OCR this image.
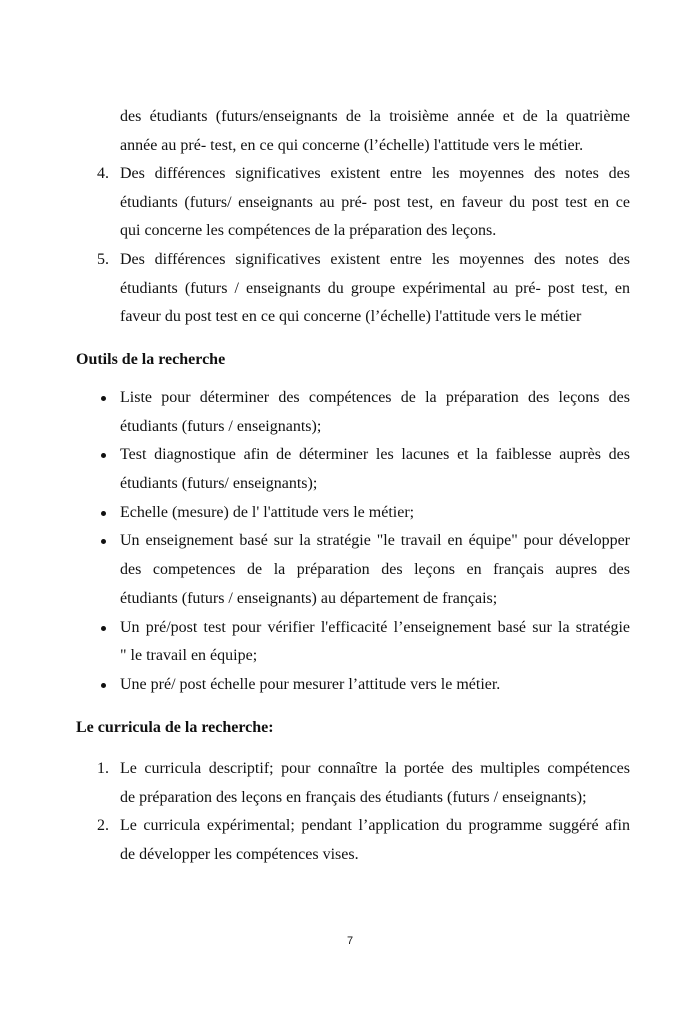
des étudiants (futurs/enseignants de la troisième année et de la quatrième
année au pré- test, en ce qui concerne (l’échelle) l'attitude vers le métier.
4. Des différences significatives existent entre les moyennes des notes des
étudiants (futurs/ enseignants au pré- post test, en faveur du post test en ce
qui concerne les compétences de la préparation des leçons.
5. Des différences significatives existent entre les moyennes des notes des
étudiants (futurs / enseignants du groupe expérimental au pré- post test, en
faveur du post test en ce qui concerne (l’échelle) l'attitude vers le métier
Outils de la recherche
Liste pour déterminer des compétences de la préparation des leçons des
étudiants (futurs / enseignants);
Test diagnostique afin de déterminer les lacunes et la faiblesse auprès des
étudiants (futurs/ enseignants);
Echelle (mesure) de l' l'attitude vers le métier;
Un enseignement basé sur la stratégie "le travail en équipe" pour développer
des competences de la préparation des leçons en français aupres des
étudiants (futurs / enseignants) au département de français;
Un pré/post test pour vérifier l'efficacité l’enseignement basé sur la stratégie
" le travail en équipe;
Une pré/ post échelle pour mesurer l’attitude vers le métier.
Le curricula de la recherche:
1. Le curricula descriptif; pour connaître la portée des multiples compétences
de préparation des leçons en français des étudiants (futurs / enseignants);
2. Le curricula expérimental; pendant l’application du programme suggéré afin
de développer les compétences vises.
7
